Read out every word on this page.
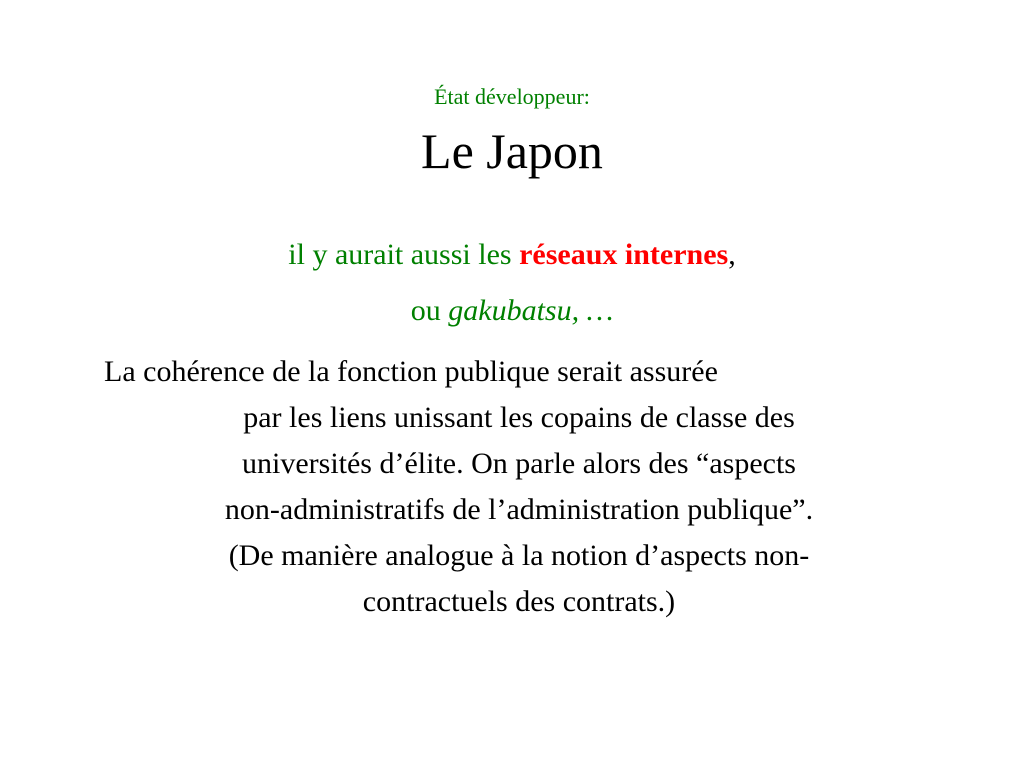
État développeur:
Le Japon
il y aurait aussi les réseaux internes,
ou gakubatsu, …
La cohérence de la fonction publique serait assurée
par les liens unissant les copains de classe des
universités d’élite. On parle alors des “aspects
non-administratifs de l’administration publique”.
(De manière analogue à la notion d’aspects non-
contractuels des contrats.)
